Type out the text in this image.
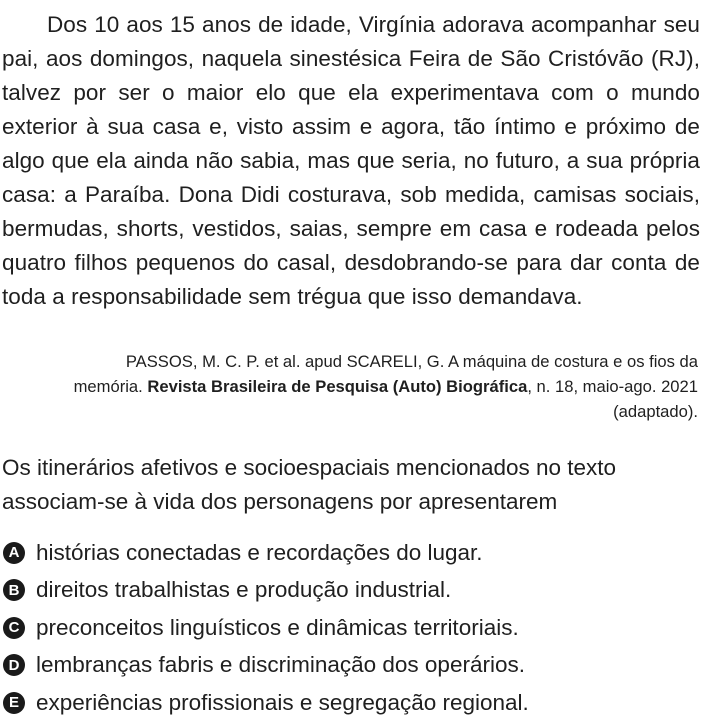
Dos 10 aos 15 anos de idade, Virgínia adorava acompanhar seu pai, aos domingos, naquela sinestésica Feira de São Cristóvão (RJ), talvez por ser o maior elo que ela experimentava com o mundo exterior à sua casa e, visto assim e agora, tão íntimo e próximo de algo que ela ainda não sabia, mas que seria, no futuro, a sua própria casa: a Paraíba. Dona Didi costurava, sob medida, camisas sociais, bermudas, shorts, vestidos, saias, sempre em casa e rodeada pelos quatro filhos pequenos do casal, desdobrando-se para dar conta de toda a responsabilidade sem trégua que isso demandava.

PASSOS, M. C. P. et al. apud SCARELI, G. A máquina de costura e os fios da memória. Revista Brasileira de Pesquisa (Auto) Biográfica, n. 18, maio-ago. 2021 (adaptado).

Os itinerários afetivos e socioespaciais mencionados no texto associam-se à vida dos personagens por apresentarem

A histórias conectadas e recordações do lugar.
B direitos trabalhistas e produção industrial.
C preconceitos linguísticos e dinâmicas territoriais.
D lembranças fabris e discriminação dos operários.
E experiências profissionais e segregação regional.
